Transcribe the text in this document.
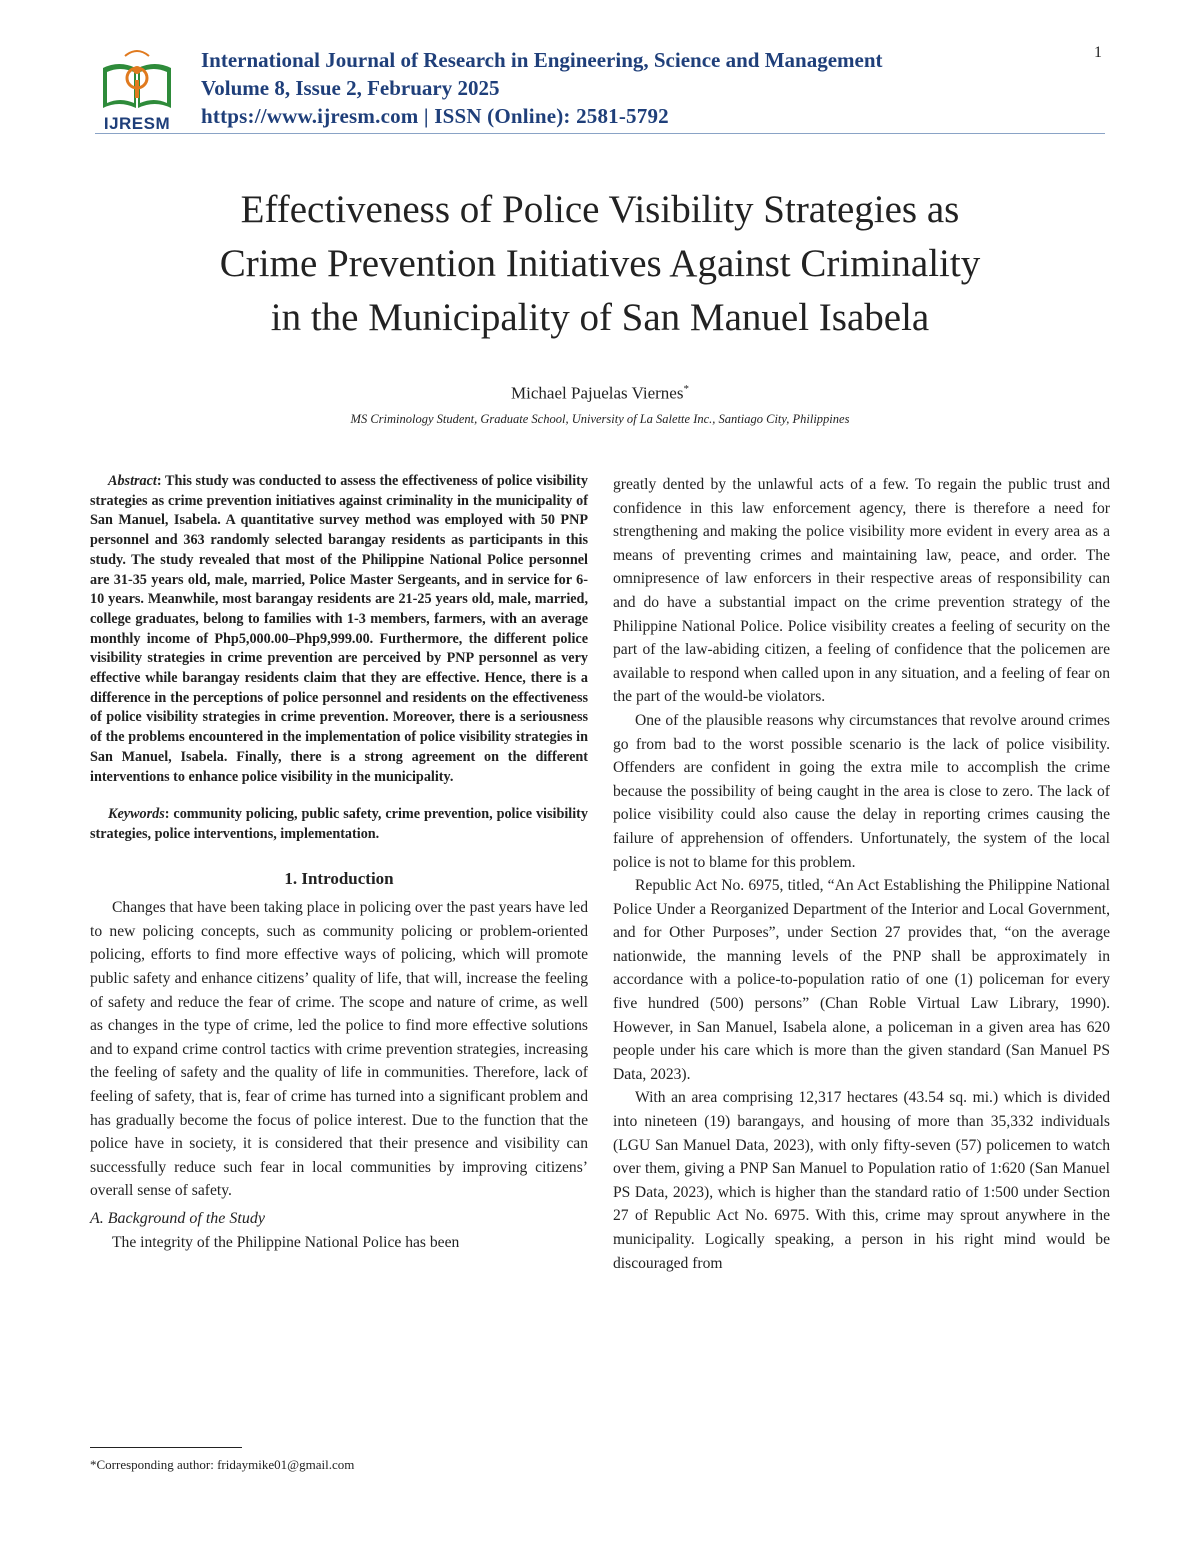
IJRESM
International Journal of Research in Engineering, Science and Management
Volume 8, Issue 2, February 2025
https://www.ijresm.com | ISSN (Online): 2581-5792
1
Effectiveness of Police Visibility Strategies as
Crime Prevention Initiatives Against Criminality
in the Municipality of San Manuel Isabela
Michael Pajuelas Viernes*
MS Criminology Student, Graduate School, University of La Salette Inc., Santiago City, Philippines

Abstract: This study was conducted to assess the effectiveness of police visibility strategies as crime prevention initiatives against criminality in the municipality of San Manuel, Isabela. A quantitative survey method was employed with 50 PNP personnel and 363 randomly selected barangay residents as participants in this study. The study revealed that most of the Philippine National Police personnel are 31-35 years old, male, married, Police Master Sergeants, and in service for 6-10 years. Meanwhile, most barangay residents are 21-25 years old, male, married, college graduates, belong to families with 1-3 members, farmers, with an average monthly income of Php5,000.00–Php9,999.00. Furthermore, the different police visibility strategies in crime prevention are perceived by PNP personnel as very effective while barangay residents claim that they are effective. Hence, there is a difference in the perceptions of police personnel and residents on the effectiveness of police visibility strategies in crime prevention. Moreover, there is a seriousness of the problems encountered in the implementation of police visibility strategies in San Manuel, Isabela. Finally, there is a strong agreement on the different interventions to enhance police visibility in the municipality.

Keywords: community policing, public safety, crime prevention, police visibility strategies, police interventions, implementation.

1. Introduction

Changes that have been taking place in policing over the past years have led to new policing concepts, such as community policing or problem-oriented policing, efforts to find more effective ways of policing, which will promote public safety and enhance citizens’ quality of life, that will, increase the feeling of safety and reduce the fear of crime. The scope and nature of crime, as well as changes in the type of crime, led the police to find more effective solutions and to expand crime control tactics with crime prevention strategies, increasing the feeling of safety and the quality of life in communities. Therefore, lack of feeling of safety, that is, fear of crime has turned into a significant problem and has gradually become the focus of police interest. Due to the function that the police have in society, it is considered that their presence and visibility can successfully reduce such fear in local communities by improving citizens’ overall sense of safety.

A. Background of the Study

The integrity of the Philippine National Police has been

greatly dented by the unlawful acts of a few. To regain the public trust and confidence in this law enforcement agency, there is therefore a need for strengthening and making the police visibility more evident in every area as a means of preventing crimes and maintaining law, peace, and order. The omnipresence of law enforcers in their respective areas of responsibility can and do have a substantial impact on the crime prevention strategy of the Philippine National Police. Police visibility creates a feeling of security on the part of the law-abiding citizen, a feeling of confidence that the policemen are available to respond when called upon in any situation, and a feeling of fear on the part of the would-be violators.

One of the plausible reasons why circumstances that revolve around crimes go from bad to the worst possible scenario is the lack of police visibility. Offenders are confident in going the extra mile to accomplish the crime because the possibility of being caught in the area is close to zero. The lack of police visibility could also cause the delay in reporting crimes causing the failure of apprehension of offenders. Unfortunately, the system of the local police is not to blame for this problem.

Republic Act No. 6975, titled, “An Act Establishing the Philippine National Police Under a Reorganized Department of the Interior and Local Government, and for Other Purposes”, under Section 27 provides that, “on the average nationwide, the manning levels of the PNP shall be approximately in accordance with a police-to-population ratio of one (1) policeman for every five hundred (500) persons” (Chan Roble Virtual Law Library, 1990). However, in San Manuel, Isabela alone, a policeman in a given area has 620 people under his care which is more than the given standard (San Manuel PS Data, 2023).

With an area comprising 12,317 hectares (43.54 sq. mi.) which is divided into nineteen (19) barangays, and housing of more than 35,332 individuals (LGU San Manuel Data, 2023), with only fifty-seven (57) policemen to watch over them, giving a PNP San Manuel to Population ratio of 1:620 (San Manuel PS Data, 2023), which is higher than the standard ratio of 1:500 under Section 27 of Republic Act No. 6975. With this, crime may sprout anywhere in the municipality. Logically speaking, a person in his right mind would be discouraged from

*Corresponding author: fridaymike01@gmail.com
